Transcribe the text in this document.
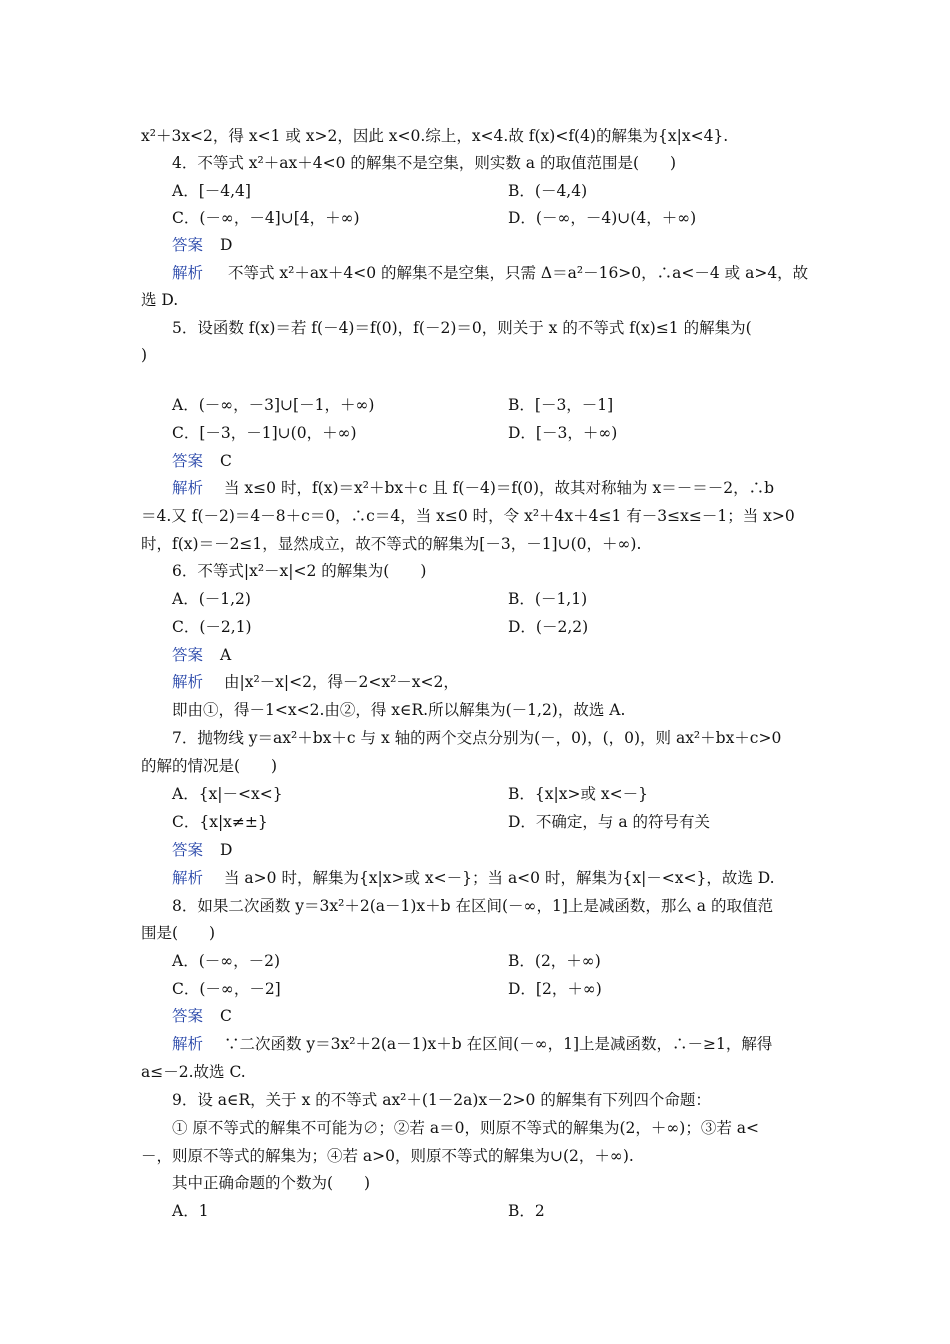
x²＋3x<2，得 x<1 或 x>2，因此 x<0.综上，x<4.故 f(x)<f(4)的解集为{x|x<4}.
4．不等式 x²＋ax＋4<0 的解集不是空集，则实数 a 的取值范围是(　　)
A．[－4,4]	B．(－4,4)
C．(－∞，－4]∪[4，＋∞)	D．(－∞，－4)∪(4，＋∞)
答案 D
解析 不等式 x²＋ax＋4<0 的解集不是空集，只需 Δ＝a²－16>0，∴a<－4 或 a>4，故
选 D.
5．设函数 f(x)＝若 f(－4)＝f(0)，f(－2)＝0，则关于 x 的不等式 f(x)≤1 的解集为(
)
A．(－∞，－3]∪[－1，＋∞)	B．[－3，－1]
C．[－3，－1]∪(0，＋∞)	D．[－3，＋∞)
答案 C
解析 当 x≤0 时，f(x)＝x²＋bx＋c 且 f(－4)＝f(0)，故其对称轴为 x＝－＝－2，∴b
＝4.又 f(－2)＝4－8＋c＝0，∴c＝4，当 x≤0 时，令 x²＋4x＋4≤1 有－3≤x≤－1；当 x>0
时，f(x)＝－2≤1，显然成立，故不等式的解集为[－3，－1]∪(0，＋∞).
6．不等式|x²－x|<2 的解集为(　　)
A．(－1,2)	B．(－1,1)
C．(－2,1)	D．(－2,2)
答案 A
解析 由|x²－x|<2，得－2<x²－x<2，
即由①，得－1<x<2.由②，得 x∈R.所以解集为(－1,2)，故选 A.
7．抛物线 y＝ax²＋bx＋c 与 x 轴的两个交点分别为(－，0)，(，0)，则 ax²＋bx＋c>0
的解的情况是(　　)
A．{x|－<x<}	B．{x|x>或 x<－}
C．{x|x≠±}	D．不确定，与 a 的符号有关
答案 D
解析 当 a>0 时，解集为{x|x>或 x<－}；当 a<0 时，解集为{x|－<x<}，故选 D.
8．如果二次函数 y＝3x²＋2(a－1)x＋b 在区间(－∞，1]上是减函数，那么 a 的取值范
围是(　　)
A．(－∞，－2)	B．(2，＋∞)
C．(－∞，－2]	D．[2，＋∞)
答案 C
解析 ∵二次函数 y＝3x²＋2(a－1)x＋b 在区间(－∞，1]上是减函数，∴－≥1，解得
a≤－2.故选 C.
9．设 a∈R，关于 x 的不等式 ax²＋(1－2a)x－2>0 的解集有下列四个命题：
① 原不等式的解集不可能为∅；②若 a＝0，则原不等式的解集为(2，＋∞)；③若 a<
－，则原不等式的解集为；④若 a>0，则原不等式的解集为∪(2，＋∞).
其中正确命题的个数为(　　)
A．1	B．2
